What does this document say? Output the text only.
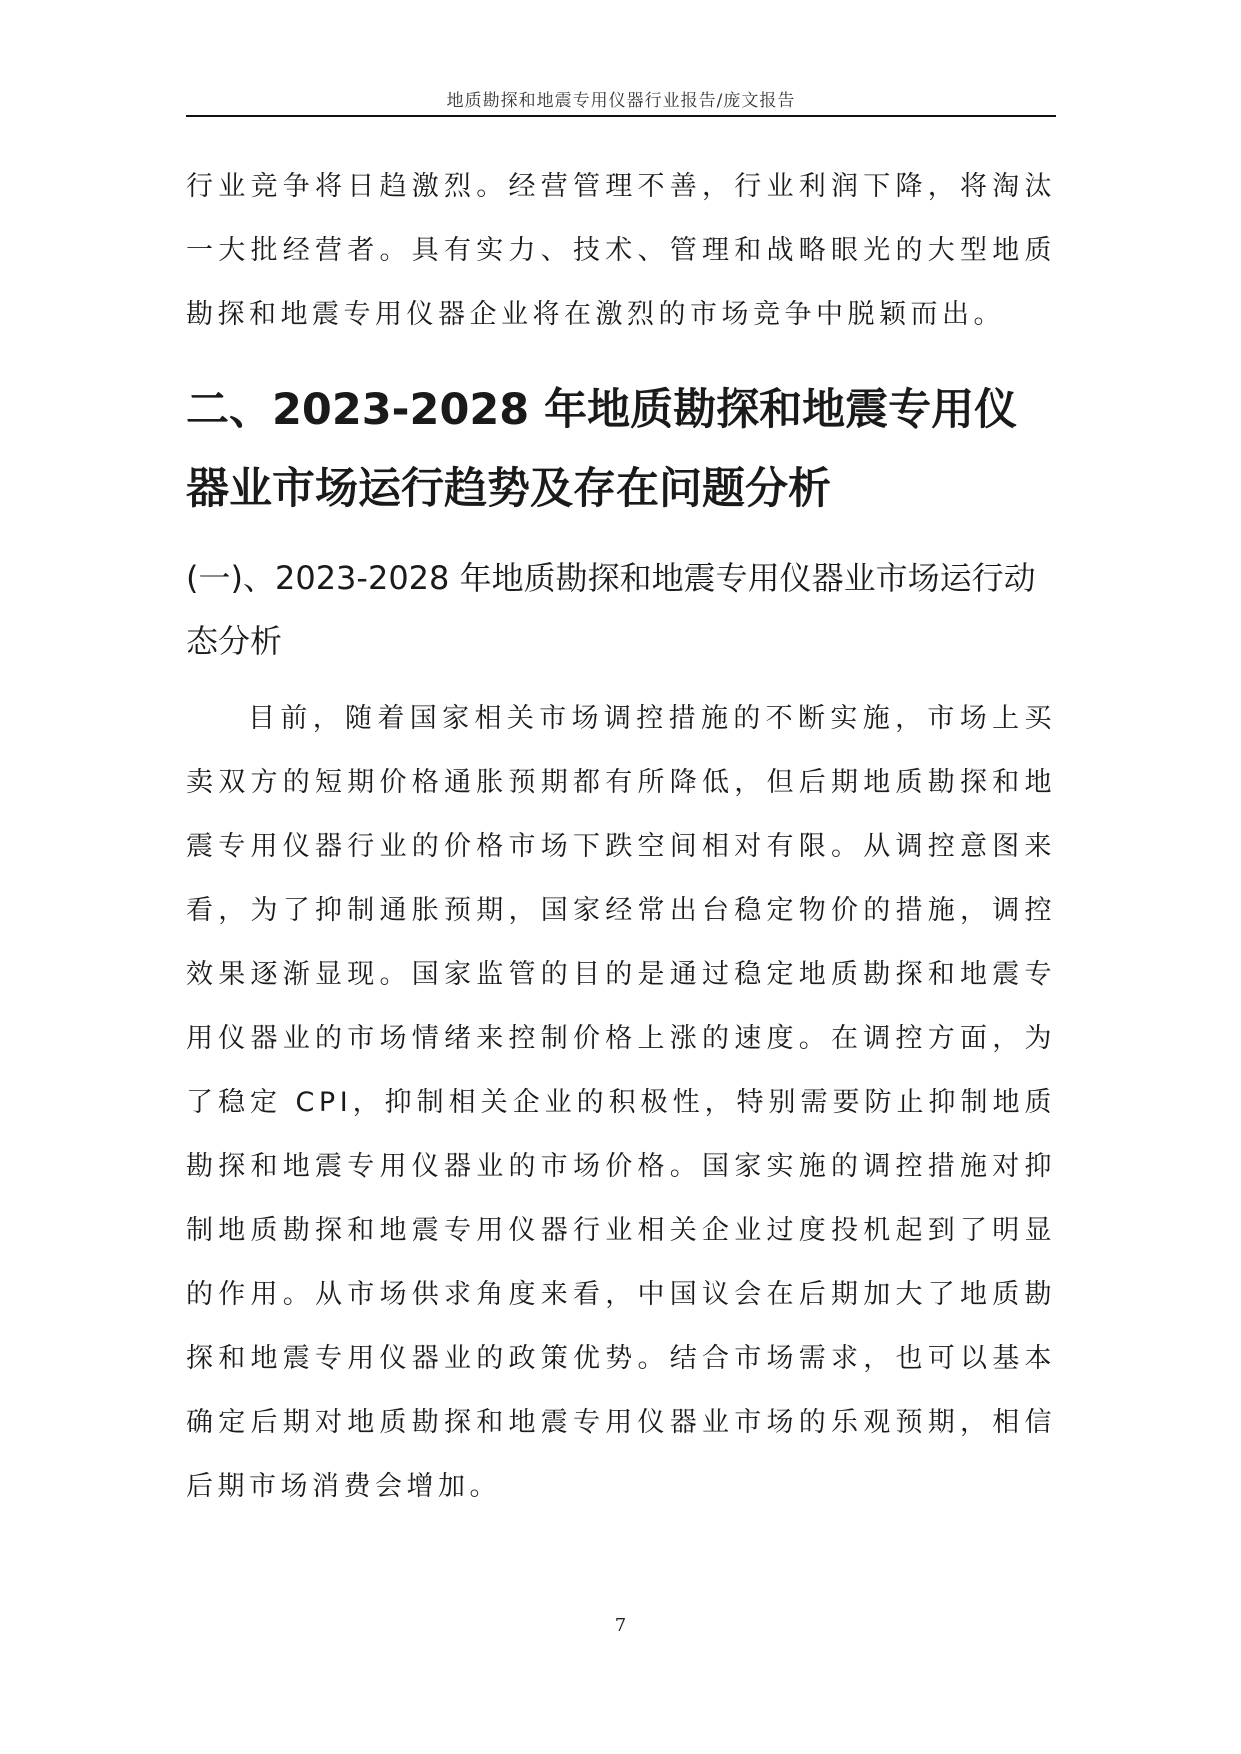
地质勘探和地震专用仪器行业报告/庞文报告

行业竞争将日趋激烈。经营管理不善，行业利润下降，将淘汰一大批经营者。具有实力、技术、管理和战略眼光的大型地质勘探和地震专用仪器企业将在激烈的市场竞争中脱颖而出。

二、2023-2028 年地质勘探和地震专用仪器业市场运行趋势及存在问题分析
(一)、2023-2028 年地质勘探和地震专用仪器业市场运行动态分析

目前，随着国家相关市场调控措施的不断实施，市场上买卖双方的短期价格通胀预期都有所降低，但后期地质勘探和地震专用仪器行业的价格市场下跌空间相对有限。从调控意图来看，为了抑制通胀预期，国家经常出台稳定物价的措施，调控效果逐渐显现。国家监管的目的是通过稳定地质勘探和地震专用仪器业的市场情绪来控制价格上涨的速度。在调控方面，为了稳定 CPI，抑制相关企业的积极性，特别需要防止抑制地质勘探和地震专用仪器业的市场价格。国家实施的调控措施对抑制地质勘探和地震专用仪器行业相关企业过度投机起到了明显的作用。从市场供求角度来看，中国议会在后期加大了地质勘探和地震专用仪器业的政策优势。结合市场需求，也可以基本确定后期对地质勘探和地震专用仪器业市场的乐观预期，相信后期市场消费会增加。

7
